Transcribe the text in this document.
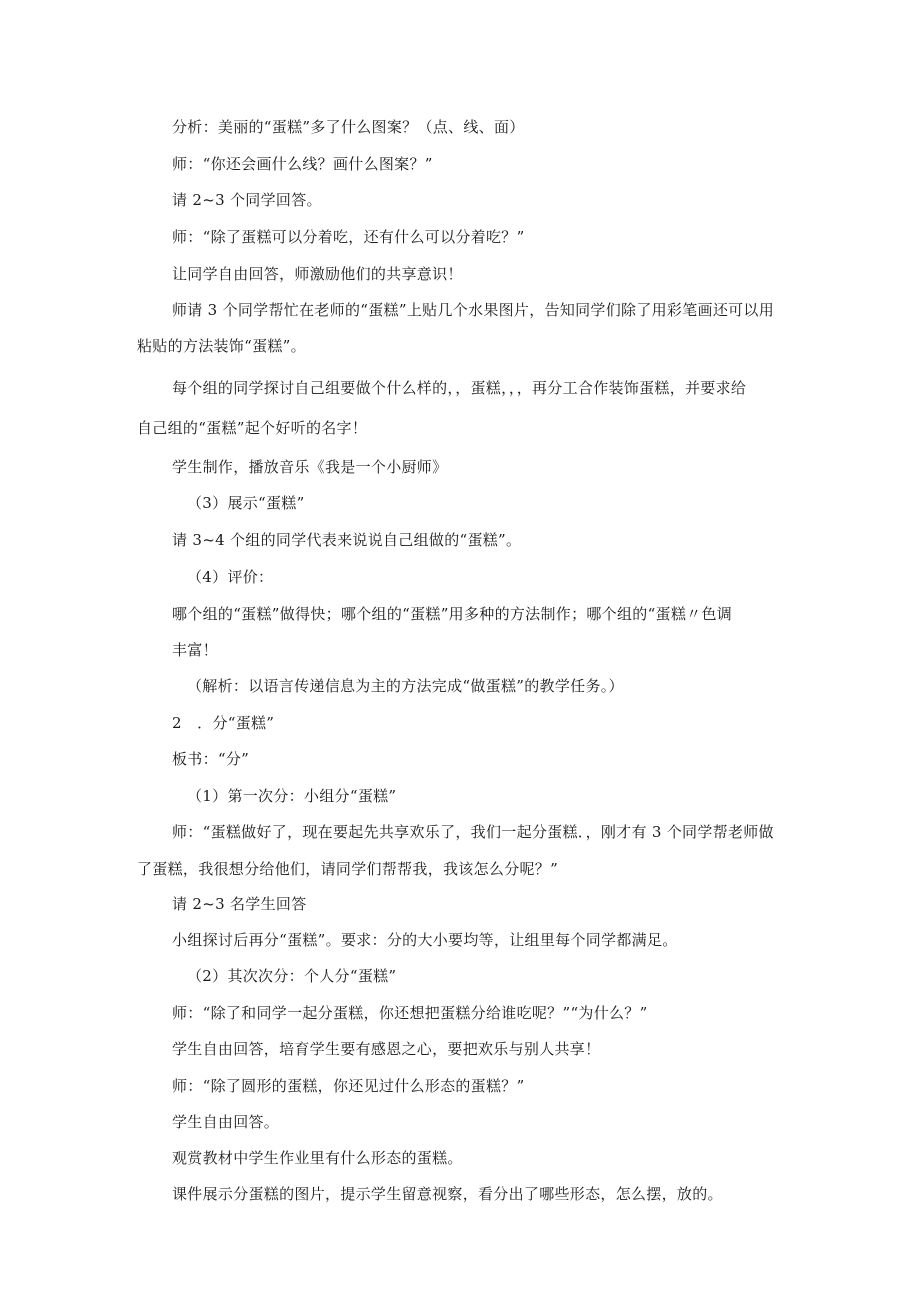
分析：美丽的“蛋糕”多了什么图案？（点、线、面）
师：“你还会画什么线？画什么图案？”
请 2~3 个同学回答。
师：“除了蛋糕可以分着吃，还有什么可以分着吃？”
让同学自由回答，师激励他们的共享意识！
师请 3 个同学帮忙在老师的“蛋糕”上贴几个水果图片，告知同学们除了用彩笔画还可以用
粘贴的方法装饰“蛋糕”。
每个组的同学探讨自己组要做个什么样的，，蛋糕，，，再分工合作装饰蛋糕，并要求给
自己组的“蛋糕”起个好听的名字！
学生制作，播放音乐《我是一个小厨师》
（3）展示“蛋糕”
请 3~4 个组的同学代表来说说自己组做的“蛋糕”。
（4）评价：
哪个组的“蛋糕”做得快；哪个组的“蛋糕”用多种的方法制作；哪个组的“蛋糕〃色调
丰富！
（解析：以语言传递信息为主的方法完成“做蛋糕”的教学任务。）
2　．分“蛋糕”
板书：“分”
（1）第一次分：小组分“蛋糕”
师：“蛋糕做好了，现在要起先共享欢乐了，我们一起分蛋糕．，刚才有 3 个同学帮老师做
了蛋糕，我很想分给他们，请同学们帮帮我，我该怎么分呢？”
请 2~3 名学生回答
小组探讨后再分“蛋糕”。要求：分的大小要均等，让组里每个同学都满足。
（2）其次次分：个人分“蛋糕”
师：“除了和同学一起分蛋糕，你还想把蛋糕分给谁吃呢？”“为什么？”
学生自由回答，培育学生要有感恩之心，要把欢乐与别人共享！
师：“除了圆形的蛋糕，你还见过什么形态的蛋糕？”
学生自由回答。
观赏教材中学生作业里有什么形态的蛋糕。
课件展示分蛋糕的图片，提示学生留意视察，看分出了哪些形态，怎么摆，放的。
